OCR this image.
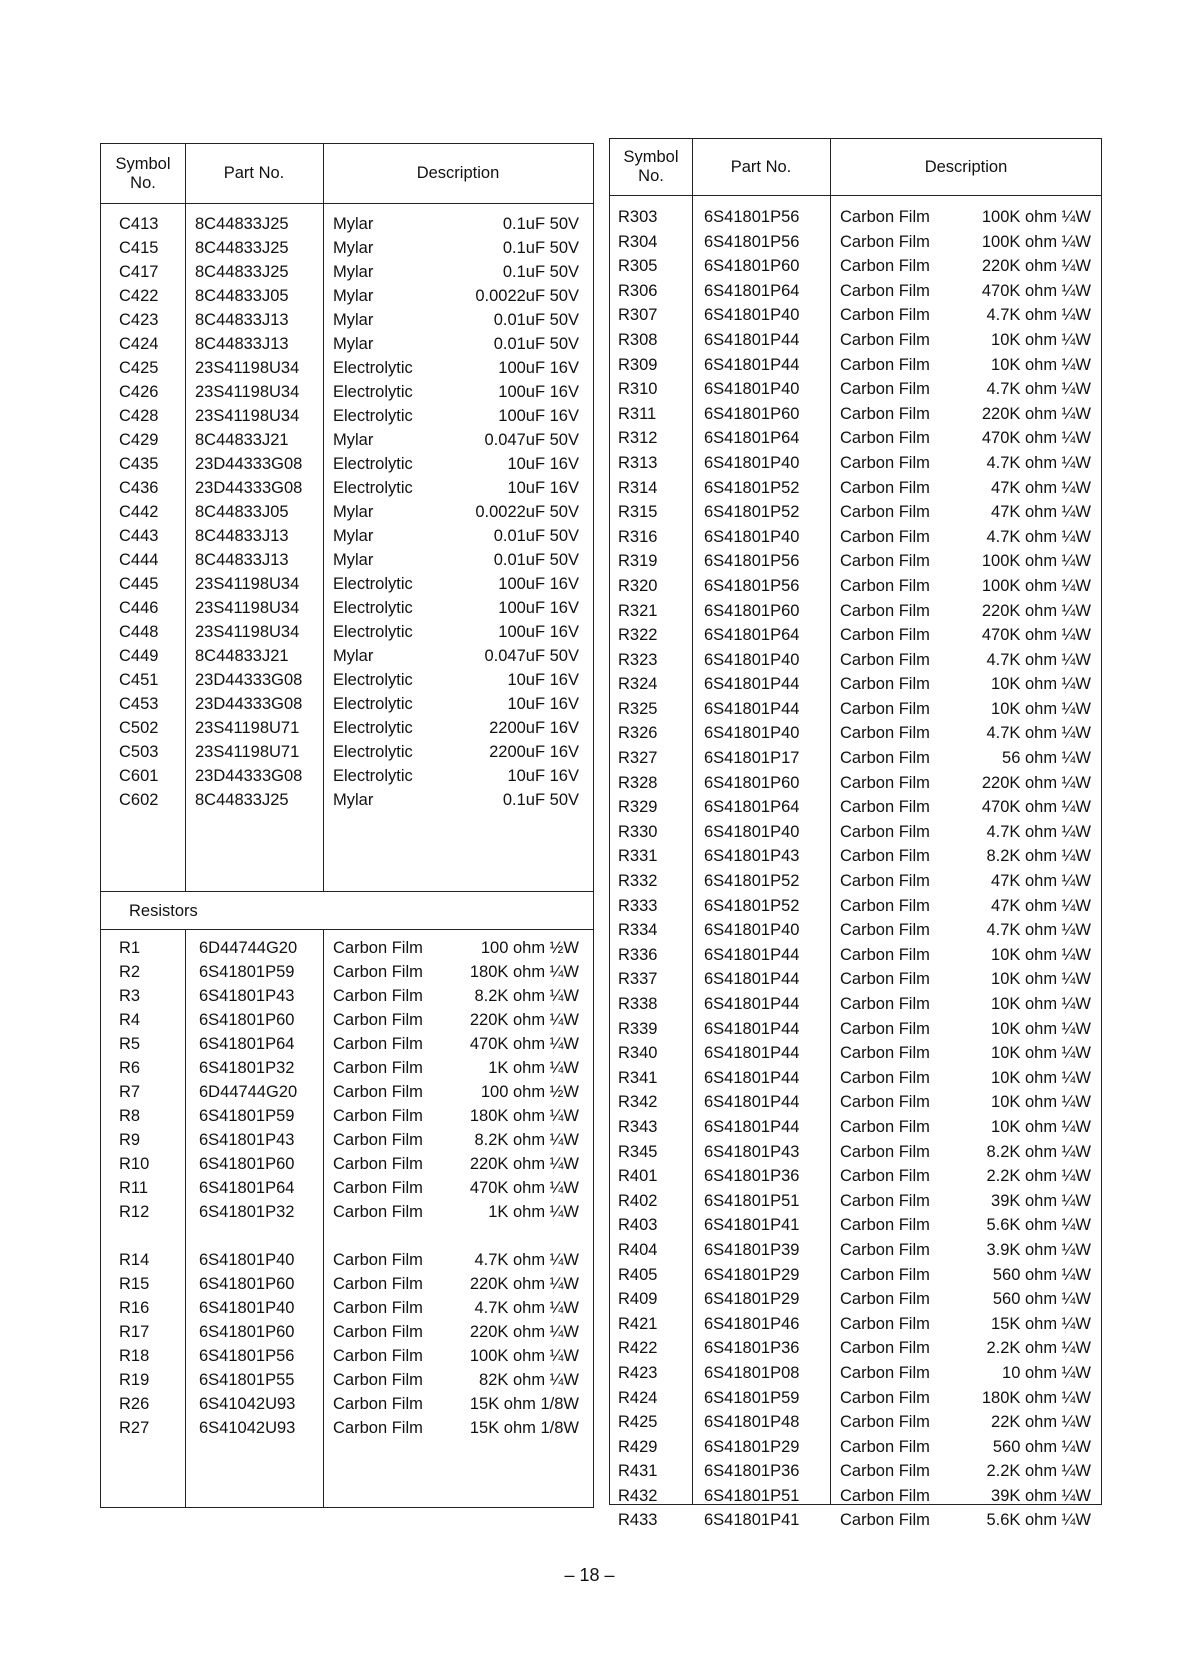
Symbol No.
Part No.	Description
C413 8C44833J25	Mylar	0.1uF 50V
C415 8C44833J25	Mylar	0.1uF 50V
C417 8C44833J25	Mylar	0.1uF 50V
C422 8C44833J05	Mylar	0.0022uF 50V
C423 8C44833J13	Mylar	0.01uF 50V
C424 8C44833J13	Mylar	0.01uF 50V
C425 23S41198U34 Electrolytic	100uF 16V
C426 23S41198U34 Electrolytic	100uF 16V
C428 23S41198U34 Electrolytic	100uF 16V
C429 8C44833J21	Mylar	0.047uF 50V
C435 23D44333G08 Electrolytic	10uF 16V
C436 23D44333G08 Electrolytic	10uF 16V
C442 8C44833J05	Mylar	0.0022uF 50V
C443 8C44833J13	Mylar	0.01uF 50V
C444 8C44833J13	Mylar	0.01uF 50V
C445 23S41198U34 Electrolytic	100uF 16V
C446 23S41198U34 Electrolytic	100uF 16V
C448 23S41198U34 Electrolytic	100uF 16V
C449 8C44833J21	Mylar	0.047uF 50V
C451 23D44333G08 Electrolytic	10uF 16V
C453 23D44333G08 Electrolytic	10uF 16V
C502 23S41198U71 Electrolytic	2200uF 16V
C503 23S41198U71 Electrolytic	2200uF 16V
C601 23D44333G08 Electrolytic	10uF 16V
C602 8C44833J25	Mylar	0.1uF 50V
Resistors
R1	6D44744G20 Carbon Film	100 ohm ½W
R2	6S41801P59 Carbon Film	180K ohm ¼W
R3	6S41801P43 Carbon Film	8.2K ohm ¼W
R4	6S41801P60 Carbon Film	220K ohm ¼W
R5	6S41801P64 Carbon Film	470K ohm ¼W
R6	6S41801P32 Carbon Film	1K ohm ¼W
R7	6D44744G20 Carbon Film	100 ohm ½W
R8	6S41801P59 Carbon Film	180K ohm ¼W
R9	6S41801P43 Carbon Film	8.2K ohm ¼W
R10	6S41801P60 Carbon Film	220K ohm ¼W
R11	6S41801P64 Carbon Film	470K ohm ¼W
R12	6S41801P32 Carbon Film	1K ohm ¼W
R14	6S41801P40 Carbon Film	4.7K ohm ¼W
R15	6S41801P60 Carbon Film	220K ohm ¼W
R16	6S41801P40 Carbon Film	4.7K ohm ¼W
R17	6S41801P60 Carbon Film	220K ohm ¼W
R18	6S41801P56 Carbon Film	100K ohm ¼W
R19	6S41801P55 Carbon Film	82K ohm ¼W
R26	6S41042U93 Carbon Film	15K ohm 1/8W
R27	6S41042U93 Carbon Film	15K ohm 1/8W
Symbol No.
Part No.	Description
R303	6S41801P56 Carbon Film	100K ohm ¼W
R304	6S41801P56 Carbon Film	100K ohm ¼W
R305	6S41801P60 Carbon Film	220K ohm ¼W
R306	6S41801P64 Carbon Film	470K ohm ¼W
R307	6S41801P40 Carbon Film	4.7K ohm ¼W
R308	6S41801P44 Carbon Film	10K ohm ¼W
R309	6S41801P44 Carbon Film	10K ohm ¼W
R310	6S41801P40 Carbon Film	4.7K ohm ¼W
R311	6S41801P60 Carbon Film	220K ohm ¼W
R312	6S41801P64 Carbon Film	470K ohm ¼W
R313	6S41801P40 Carbon Film	4.7K ohm ¼W
R314	6S41801P52 Carbon Film	47K ohm ¼W
R315	6S41801P52 Carbon Film	47K ohm ¼W
R316	6S41801P40 Carbon Film	4.7K ohm ¼W
R319	6S41801P56 Carbon Film	100K ohm ¼W
R320	6S41801P56 Carbon Film	100K ohm ¼W
R321	6S41801P60 Carbon Film	220K ohm ¼W
R322	6S41801P64 Carbon Film	470K ohm ¼W
R323	6S41801P40 Carbon Film	4.7K ohm ¼W
R324	6S41801P44 Carbon Film	10K ohm ¼W
R325	6S41801P44 Carbon Film	10K ohm ¼W
R326	6S41801P40 Carbon Film	4.7K ohm ¼W
R327	6S41801P17 Carbon Film	56 ohm ¼W
R328	6S41801P60 Carbon Film	220K ohm ¼W
R329	6S41801P64 Carbon Film	470K ohm ¼W
R330	6S41801P40 Carbon Film	4.7K ohm ¼W
R331	6S41801P43 Carbon Film	8.2K ohm ¼W
R332	6S41801P52 Carbon Film	47K ohm ¼W
R333	6S41801P52 Carbon Film	47K ohm ¼W
R334	6S41801P40 Carbon Film	4.7K ohm ¼W
R336	6S41801P44 Carbon Film	10K ohm ¼W
R337	6S41801P44 Carbon Film	10K ohm ¼W
R338	6S41801P44 Carbon Film	10K ohm ¼W
R339	6S41801P44 Carbon Film	10K ohm ¼W
R340	6S41801P44 Carbon Film	10K ohm ¼W
R341	6S41801P44 Carbon Film	10K ohm ¼W
R342	6S41801P44 Carbon Film	10K ohm ¼W
R343	6S41801P44 Carbon Film	10K ohm ¼W
R345	6S41801P43 Carbon Film	8.2K ohm ¼W
R401	6S41801P36 Carbon Film	2.2K ohm ¼W
R402	6S41801P51 Carbon Film	39K ohm ¼W
R403	6S41801P41 Carbon Film	5.6K ohm ¼W
R404	6S41801P39 Carbon Film	3.9K ohm ¼W
R405	6S41801P29 Carbon Film	560 ohm ¼W
R409	6S41801P29 Carbon Film	560 ohm ¼W
R421	6S41801P46 Carbon Film	15K ohm ¼W
R422	6S41801P36 Carbon Film	2.2K ohm ¼W
R423	6S41801P08 Carbon Film	10 ohm ¼W
R424	6S41801P59 Carbon Film	180K ohm ¼W
R425	6S41801P48 Carbon Film	22K ohm ¼W
R429	6S41801P29 Carbon Film	560 ohm ¼W
R431	6S41801P36 Carbon Film	2.2K ohm ¼W
R432	6S41801P51 Carbon Film	39K ohm ¼W
R433	6S41801P41 Carbon Film	5.6K ohm ¼W
– 18 –
